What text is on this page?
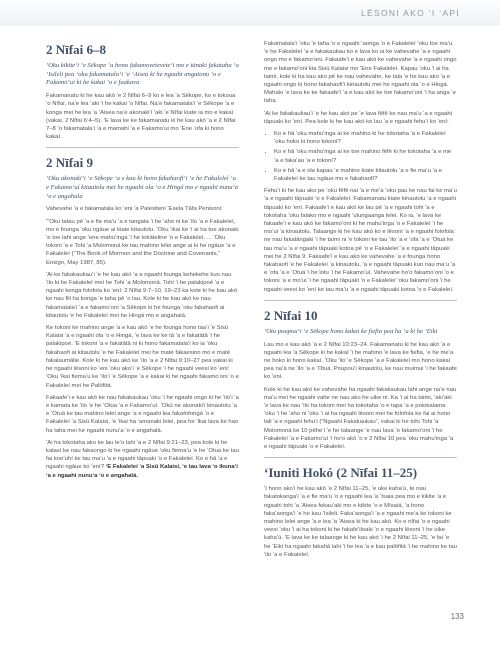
LĒSONI AKO ʻI ʻAPI
2 Nīfai 6–8
ʻOku kikiteʻi ʻe Sēkope ʻa hono fakamoveteveteʻi mo e tānaki fakataha ʻo ʻIsileli pea ʻoku fakamatalaʻi ʻe ʻAisea ki he ngaahi angatonu ʻo e Fakamoʻui ki he kakai ʻo e fuakava

Fakamanatu ki he kau akó ʻe 2 Nīfai 6–9 ko e lea ʻa Sēkope, ko e tokoua ʻo Nīfaí, naʻe lea ʻaki ʻi he kakai ʻo Nīfai. Naʻe fakamatalaʻi ʻe Sēkope ʻa e konga mei he lea ʻa ʻAisea naʻe akonakiʻi ʻaki ʻe Nīfai kiate ia mo e kakaí (vakai, 2 Nīfai 6:4–5). ʻE lava ke ke fakamanatu ki he kau akó ʻa e 2 Nīfai 7–8 ʻo fakamatalaʻi ʻa e mamahi ʻa e Fakamoʻui mo ʻEne ʻofa ki hono kakaí.

2 Nīfai 9
ʻOku akonakiʻi ʻe Sēkope ʻa e kau ki hono fakahaofiʻi ʻe he Fakaleleí ʻa e Fakamoʻuí kitautolu mei he ngaahi ola ʻo e Hingá mo e ngaahi nunuʻa ʻo e angahala

Vahevahe ʻa e fakamatala ko ʻeni ʻa Palesiteni ʻEsela Tāfa Penisoni:

“ʻOku tatau pē ʻa e fie maʻu ʻa e tangata ʻi he ʻaho ni ke ʻilo ʻa e Fakaleleí, mo e founga ʻoku ngāue ai kiate kitautolu. ʻOku ʻikai ke ʻi ai ha toe akonaki ʻe toe lahi ange ʻene mahuʻingá ʻi he tokāteline ʻo e Fakaleleí. ... ʻOku tokoni ʻa e Tohi ʻa Molomoná ke tau mahino lelei ange ai ki he ngāue ʻa e Fakaleleí (“The Book of Mormon and the Doctrine and Covenants,” Ensign, May 1987, 85).

ʻAi ke fakakaukauʻi ʻe he kau akó ʻa e ngaahi founga kehekehe kuo nau ʻilo ki he Fakaleleí mei he Tohi ʻa Molomoná. Tohi ʻi he palakipoé ʻa e ngaahi konga folofola ko ʻení: 2 Nīfai 9:7–10, 19–23 ka kole ki he kau akó ke nau fili ha konga ʻe taha pē ʻo lau. Kole ki he kau akó ke nau fakamatalaʻi ʻa e fakamoʻoni ʻa Sēkope ki he founga ʻoku fakahaofi ai kitautolu ʻe he Fakaleleí mei he Hingá mo e angahalá.

Ke tokoni ke mahino ange ʻa e kau akó ʻe he founga hono taaʻi ʻe Sisū Kalaisi ʻa e ngaahi ola ʻo e Hingá, ʻe lava ke ke tā ʻa e fakatātā ʻi he palakipoé. ʻE tokoni ʻa e fakatātā ni ki hono fakamatalaʻi ko ia ʻoku fakahaofi ai kitautolu ʻe he Fakaleleí mei he maté fakaesino mo e maté fakalaumālie. Kole ki he kau akó ke ʻilo ʻa e 2 Nīfai 9:10–27 pea vakai ki he ngaahi lēsoni ko ʻeni ʻoku akoʻi ʻe Sēkope ʻi he ngaahi veesi ko ʻení: ʻOku ʻikai fiemaʻu ke ʻiloʻi ʻe Sēkope ʻa e kakai ki he ngaahi fakamoʻoni ʻo e Fakaleleí mei he Palōfitá.

Fakaafeʻi e kau akó ke nau fakakaukau ʻoku ʻi he ngaahi ongo ki he ʻiloʻi ʻa e kamata ke ʻilo ʻe he ʻOtua ʻa e Fakamoʻuí. ʻOkú ne akonakiʻi kinautolu ʻa e ʻOtuá ke tau mahino lelei ange ʻa e ngaahi lea fakafofongá ʻo e Fakaleleí ʻa Sisū Kalaisi, ʻe ʻikai ha ʻamanaki lelei, pea he ʻikai lava ke hao ha taha mei he ngaahi nunuʻa ʻo e angahalá.

ʻAi ha tokotaha ako ke lau leʻo lahi ʻa e 2 Nīfai 9:21–23, pea kole ki he kalasí ke nau fakaongo ki he ngaahi ngāue ʻoku fiemaʻu ʻe he ʻOtua ke tau fai koeʻuhí ke tau maʻu ʻa e ngaahi tāpuaki ʻo e Fakaleleí. Ko e hā ʻa e ngaahi ngāue ko ʻení? ʻE Fakaleleí ʻa Sisū Kalaisí, ʻe tau lava ʻo ikunaʻi ʻa e ngaahi nunuʻa ʻo e angahalá.

Fakamatalaʻi ʻoku ʻe taha ʻo e ngaahi ʻaonga ʻo e Fakaleleí ʻoku toe maʻu ʻe he Fakaleleí ʻa e fakakaukau ko e lava ko ia ke vahevahe ʻa e ngaahi ongo mo e fakamoʻoni. Fakaafeʻi e kau akó ke vahevahe ʻa e ngaahi ongo mo e fakamoʻoni kia Sisū Kalaisi mo ʻEne Fakaleleí. Kapau ʻoku ʻi ai ha taimi, kole ki ha kau ako pē ke nau vahevahe, ke tala ʻe he kau ako ʻa e ngaahi ongo ki hono fakahaofiʻi kinautolu mei he ngaahi ola ʻo e Hingá. Mahalo ʻe lava ke ke fakaafeʻi ʻa e kau akó ke toe fakamoʻoni ʻi ha anga ʻe taha.

ʻAi ke fakakaukauʻi ʻe he kau akó pe ʻe lava fēfē ke nau maʻu ʻa e ngaahi tāpuaki ko ʻení. Pea kole ki he kau akó ke lau ʻa e ngaahi fehuʻi ko ʻení:

• Ko e hā ʻoku mahuʻinga ai ke mahino ki he tokotaha ʻa e Fakaleleí ʻoku hoko ki hono tokoní?
• Ko e hā ʻoku mahuʻinga ai ke toe mahino fēfē ki he tokotaha ʻa e me ʻa e fakaʻau ʻa e tokoní?
• Ko e hā ʻa e ola kapau ʻe mahino kiate kitautolu ʻa e fie maʻu ʻa e Fakaleleí ke tau ngāue mo e fakahaofí?

Fehuʻi ki he kau ako pe ʻoku fēfē nai ʻa e meʻa ʻoku pau ke nau fai ke maʻu ʻa e ngaahi tāpuaki ʻo e Fakaleleí. Fakamanatu kiate kinautolu ʻa e ngaahi tāpuaki ko ʻení. Fakaafeʻi e kau akó ke lau pē ʻa e ngaahi tohi ʻa e tokotaha ʻoku faiako mo e ngaahi ʻulungaanga lelei. Ko ia, ʻe lava ke fakaafeʻi e kau akó ke fakamoʻoni ki he mahuʻinga ʻo e Fakaleleí ʻi he moʻui ʻa kinautolu. Talaange ki he kau akó ko e lēsoni ʻa e ngaahi folofola ne nau fakalāngaki ʻi he taimi ni ʻe tokoni ke tau ʻilo ʻa e ʻofa ʻa e ʻOtuá ke tau maʻu ʻa e ngaahi tāpuaki kotoa pē ʻo e Fakaleleí ʻa e ngaahi tāpuaki mei he 2 Nīfai 9. Fakaafeʻi e kau akó ke vahevahe ʻa e founga hono fakahaofi ʻe he Fakaleleí ʻa kinautolu, ʻa e ngaahi tāpuaki kuo nau maʻu ʻa e ʻofa ʻa e ʻOtuá ʻi he lotu ʻi he Fakamoʻuí. Vahevahe hoʻo fakamoʻoni ʻo e tokoni ʻa e moʻui ʻi he ngaahi tāpuaki ʻo e Fakaleleí ʻoku fakamoʻoni ʻi he ngaahi veesi ko ʻení ke tau maʻu ʻa e ngaahi tāpuaki kotoa ʻo e Fakaleleí.

2 Nīfai 10
ʻOtu poupouʻi ʻe Sēkope hono kakai ke fiefia pea ha ʻa ki he ʻEiki

Lau mo e kau akó ʻa e 2 Nīfai 10:23–24. Fakamanatu ki he kau akó ʻa e ngaahi lea ʻa Sēkope ki he kakaí ʻi he mahino ʻe lava ke fiefia, ʻe he meʻa ne hoko ki hono kakaí. ʻOku ʻilo ʻe Sēkope ʻa e Fakaleleí mo hono kakaí pea naʻá ne ʻilo ʻa e ʻOtuá. Poupouʻi kinautolu, ke nau muimui ʻi he fakaafe ko ʻení.

Kole ki he kau akó ke vahevahe ha ngaahi fakakaukau lahi ange naʻe nau maʻu mei he ngaahi vahe ne nau ako he uike ni. Ka ʻi ai ha taimi, ʻakiʻaki ʻe lava ke nau ʻilo ha tokoni mei ha tokotaha ʻo e tapa ʻa e polokalama ʻoku ʻi he ʻaho ni ʻoku ʻi ai ha ngaahi lēsoni mei he folofola ke fai ai hono tali ʻa e ngaahi fehuʻi (“Ngaahi Fakakaukau”, vakai ki he tohi Tohi ʻa Molomoná ke 10 pēheʻi ʻe he talaange ʻe nau lava ʻo fakamoʻoni ʻi he Fakaleleí ʻa e Fakamoʻuí ʻi hoʻo akó ʻo e 2 Nīfai 10 pea ʻoku mahuʻinga ʻa e ngaahi tāpuaki ʻo e Fakaleleí.

ʻIuniti Hokó (2 Nīfai 11–25)

ʻI hono akoʻi he kau akó ʻe 2 Nīfai 11–25, ʻe uke kahaʻú, te nau fakatokangaʻi ʻa e fie maʻu ʻo e ngaahi lea ʻa ʻIsaia pea mo e kikite ʻa e ngaahi tohi ʻa ʻAisea fekauʻaki mo e kikite ʻo e Mīsaiá, ʻa hono fakaʻaongaʻi ʻe he kau ʻIsileli. Fakaʻaongaʻi ʻa e ngaahi meʻa ke tokoni ke mahino lelei ange ʻa e lea ʻa ʻAisea ki he kau akó. Ko e nīfai ʻo e ngaahi veesi ʻoku ʻi ai ha tokoni ki he fakafeʻiloaki ʻo e ngaahi lēsoni ʻi he uike kahaʻú. ʻE lava ke ke talaange ki he kau akó ʻi he 2 Nīfai 11–25, ʻe fai ʻe he ʻEikí ha ngaahi fakahā lahi ʻi he lea ʻa e kau palōfitá ʻi he mahino ke tau ʻilo ʻa e Fakaleleí.

133
